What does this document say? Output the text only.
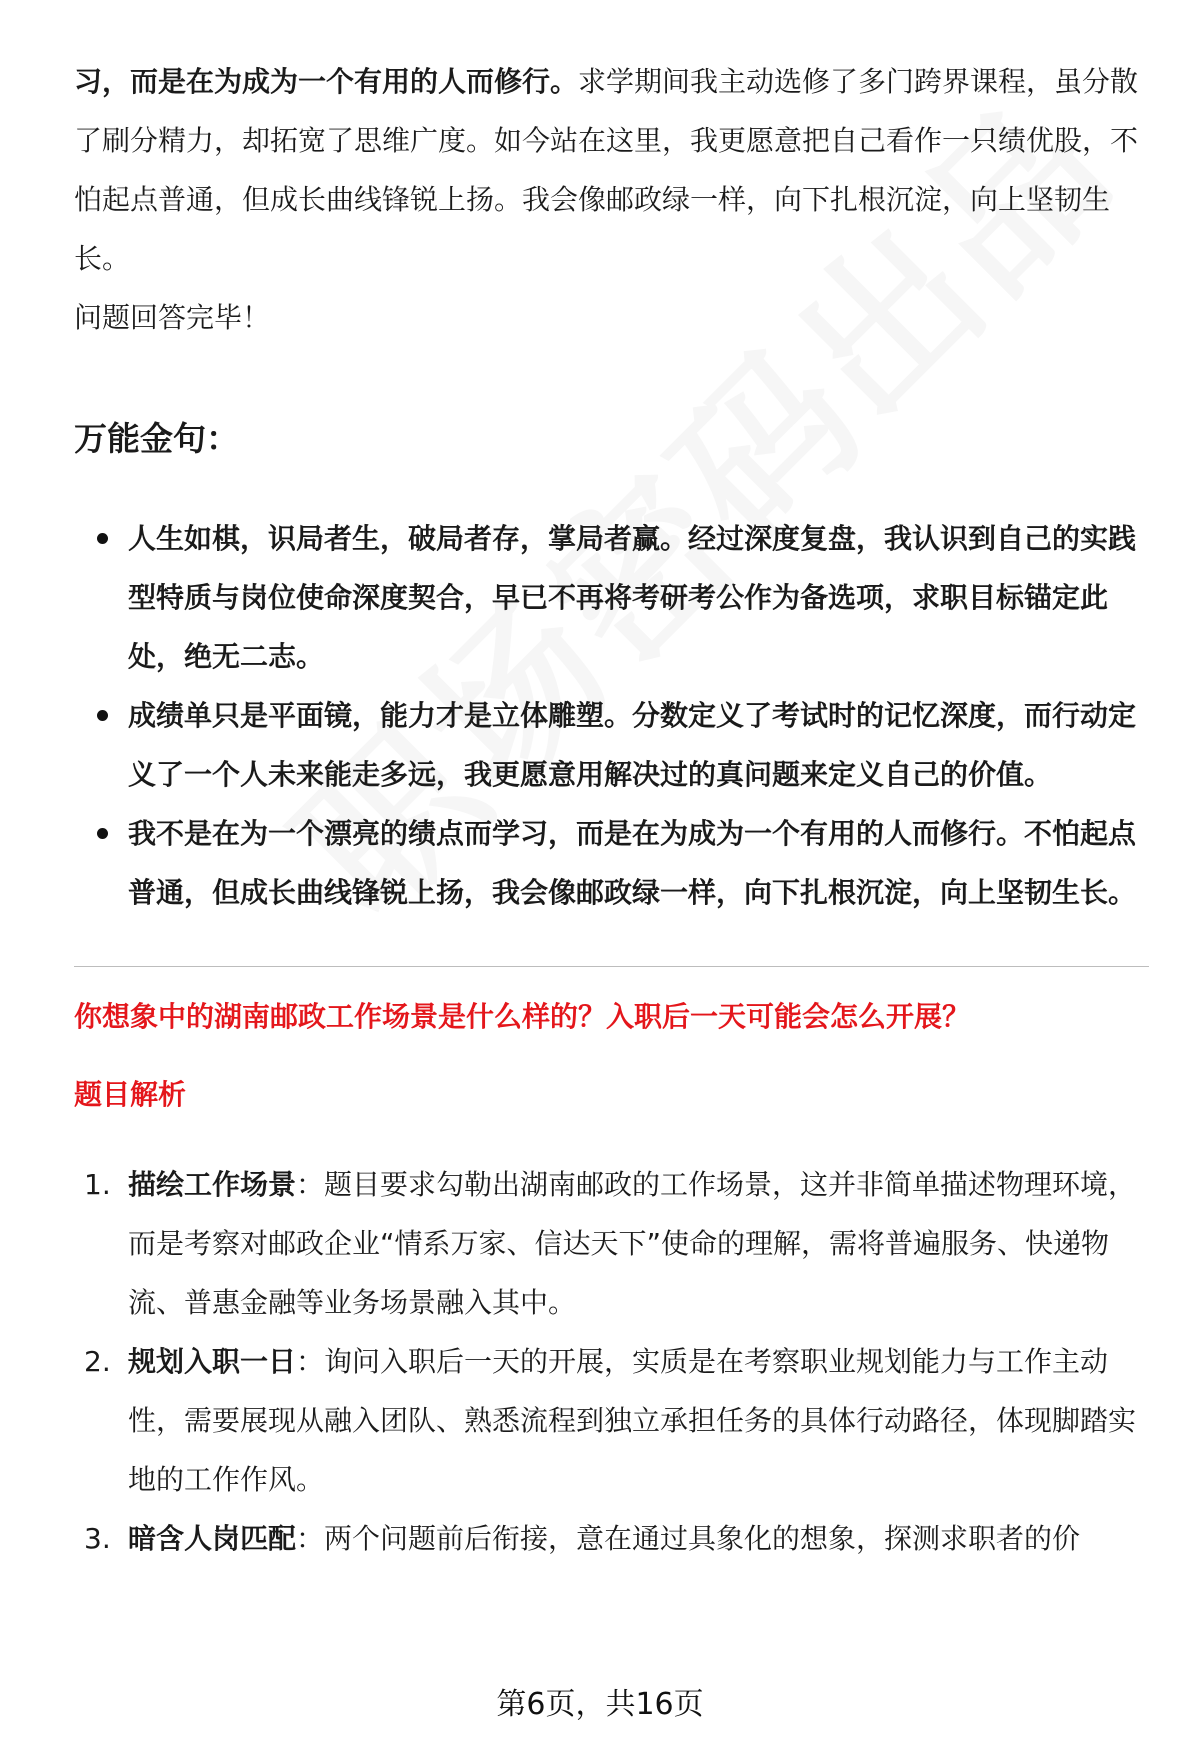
习，而是在为成为一个有用的人而修行。求学期间我主动选修了多门跨界课程，虽分散了刷分精力，却拓宽了思维广度。如今站在这里，我更愿意把自己看作一只绩优股，不怕起点普通，但成长曲线锋锐上扬。我会像邮政绿一样，向下扎根沉淀，向上坚韧生长。

问题回答完毕！

万能金句：
人生如棋，识局者生，破局者存，掌局者赢。经过深度复盘，我认识到自己的实践型特质与岗位使命深度契合，早已不再将考研考公作为备选项，求职目标锚定此处，绝无二志。
成绩单只是平面镜，能力才是立体雕塑。分数定义了考试时的记忆深度，而行动定义了一个人未来能走多远，我更愿意用解决过的真问题来定义自己的价值。
我不是在为一个漂亮的绩点而学习，而是在为成为一个有用的人而修行。不怕起点普通，但成长曲线锋锐上扬，我会像邮政绿一样，向下扎根沉淀，向上坚韧生长。
你想象中的湖南邮政工作场景是什么样的？入职后一天可能会怎么开展？
题目解析
1. 描绘工作场景：题目要求勾勒出湖南邮政的工作场景，这并非简单描述物理环境，而是考察对邮政企业“情系万家、信达天下”使命的理解，需将普遍服务、快递物流、普惠金融等业务场景融入其中。
2. 规划入职一日：询问入职后一天的开展，实质是在考察职业规划能力与工作主动性，需要展现从融入团队、熟悉流程到独立承担任务的具体行动路径，体现脚踏实地的工作作风。
3. 暗含人岗匹配：两个问题前后衔接，意在通过具象化的想象，探测求职者的价
第6页，共16页
